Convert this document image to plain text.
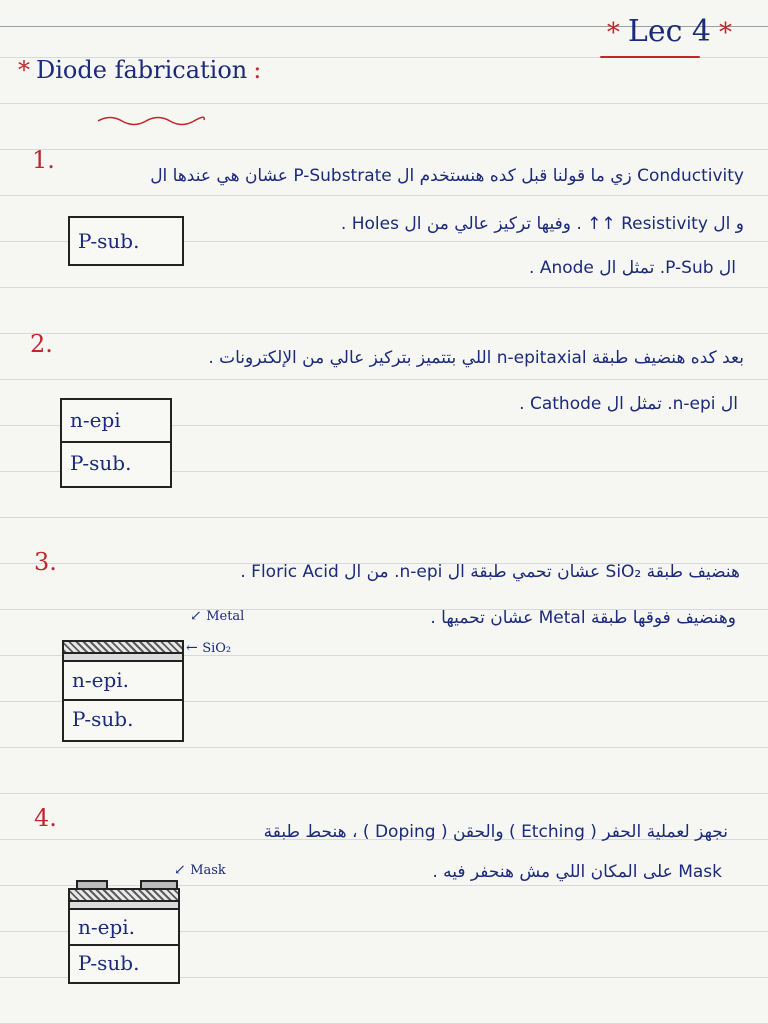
* Lec 4 *
* Diode fabrication :
1.
Conductivity زي ما قولنا قبل كده هنستخدم ال P-Substrate عشان هي عندها ال
و ال Resistivity ↑↑ . وفيها تركيز عالي من ال Holes .
ال P-Sub. تمثل ال Anode .
P-sub.
2.	بعد كده هنضيف طبقة n-epitaxial اللي بتتميز بتركيز عالي من الإلكترونات .
ال n-epi. تمثل ال Cathode .
n-epi
P-sub.
3.	هنضيف طبقة SiO₂ عشان تحمي طبقة ال n-epi. من ال Floric Acid .
وهنضيف فوقها طبقة Metal عشان تحميها .
↙ Metal
← SiO₂
n-epi.
P-sub.
4.	نجهز لعملية الحفر ( Etching ) والحقن ( Doping ) ، هنحط طبقة
Mask على المكان اللي مش هنحفر فيه .
↙ Mask
n-epi.
P-sub.
